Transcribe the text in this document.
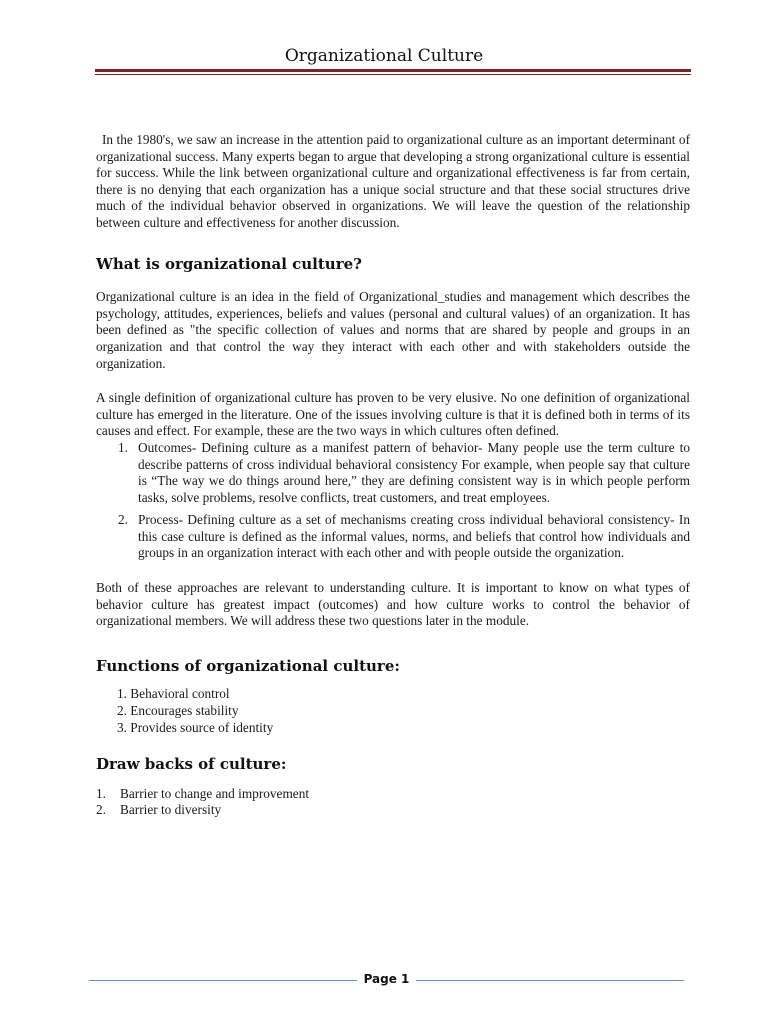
Organizational Culture

In the 1980's, we saw an increase in the attention paid to organizational culture as an important determinant of organizational success. Many experts began to argue that developing a strong organizational culture is essential for success. While the link between organizational culture and organizational effectiveness is far from certain, there is no denying that each organization has a unique social structure and that these social structures drive much of the individual behavior observed in organizations. We will leave the question of the relationship between culture and effectiveness for another discussion.

What is organizational culture?

Organizational culture is an idea in the field of Organizational_studies and management which describes the psychology, attitudes, experiences, beliefs and values (personal and cultural values) of an organization. It has been defined as "the specific collection of values and norms that are shared by people and groups in an organization and that control the way they interact with each other and with stakeholders outside the organization.

A single definition of organizational culture has proven to be very elusive. No one definition of organizational culture has emerged in the literature. One of the issues involving culture is that it is defined both in terms of its causes and effect. For example, these are the two ways in which cultures often defined.

1. Outcomes- Defining culture as a manifest pattern of behavior- Many people use the term culture to describe patterns of cross individual behavioral consistency For example, when people say that culture is “The way we do things around here,” they are defining consistent way is in which people perform tasks, solve problems, resolve conflicts, treat customers, and treat employees.
2. Process- Defining culture as a set of mechanisms creating cross individual behavioral consistency- In this case culture is defined as the informal values, norms, and beliefs that control how individuals and groups in an organization interact with each other and with people outside the organization.

Both of these approaches are relevant to understanding culture. It is important to know on what types of behavior culture has greatest impact (outcomes) and how culture works to control the behavior of organizational members. We will address these two questions later in the module.

Functions of organizational culture:
1. Behavioral control
2. Encourages stability
3. Provides source of identity
Draw backs of culture:
1. Barrier to change and improvement
2. Barrier to diversity
Page 1
